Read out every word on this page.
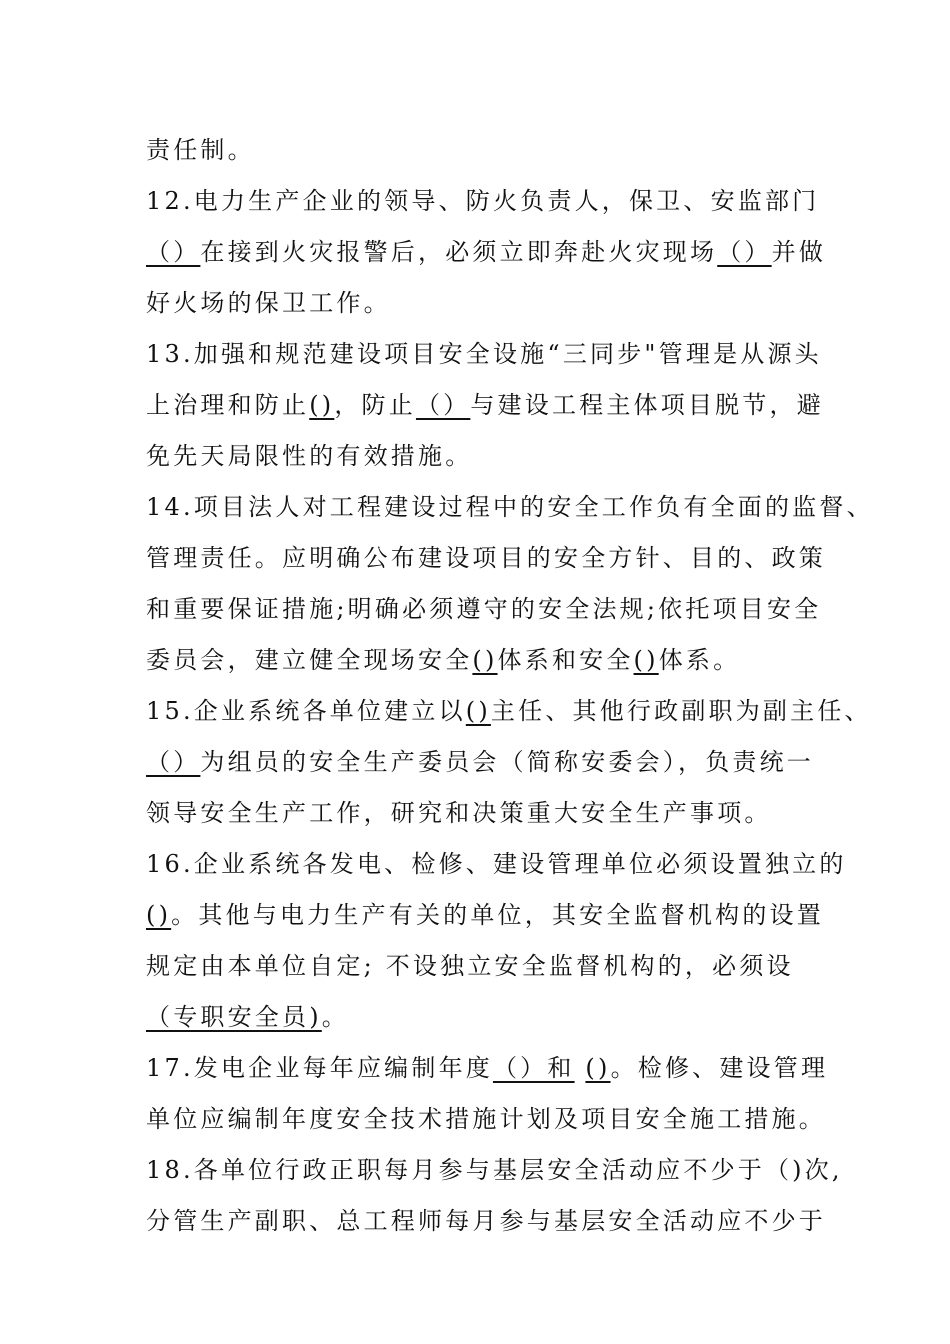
责任制。
12.电力生产企业的领导、防火负责人，保卫、安监部门
（）在接到火灾报警后，必须立即奔赴火灾现场（）并做
好火场的保卫工作。
13.加强和规范建设项目安全设施“三同步"管理是从源头
上治理和防止()，防止（）与建设工程主体项目脱节，避
免先天局限性的有效措施。
14.项目法人对工程建设过程中的安全工作负有全面的监督、
管理责任。应明确公布建设项目的安全方针、目的、政策
和重要保证措施;明确必须遵守的安全法规;依托项目安全
委员会，建立健全现场安全()体系和安全()体系。
15.企业系统各单位建立以()主任、其他行政副职为副主任、
（）为组员的安全生产委员会（简称安委会），负责统一
领导安全生产工作，研究和决策重大安全生产事项。
16.企业系统各发电、检修、建设管理单位必须设置独立的
()。其他与电力生产有关的单位，其安全监督机构的设置
规定由本单位自定; 不设独立安全监督机构的，必须设
（专职安全员)。
17.发电企业每年应编制年度（）和 ()。检修、建设管理
单位应编制年度安全技术措施计划及项目安全施工措施。
18.各单位行政正职每月参与基层安全活动应不少于（)次,
分管生产副职、总工程师每月参与基层安全活动应不少于
